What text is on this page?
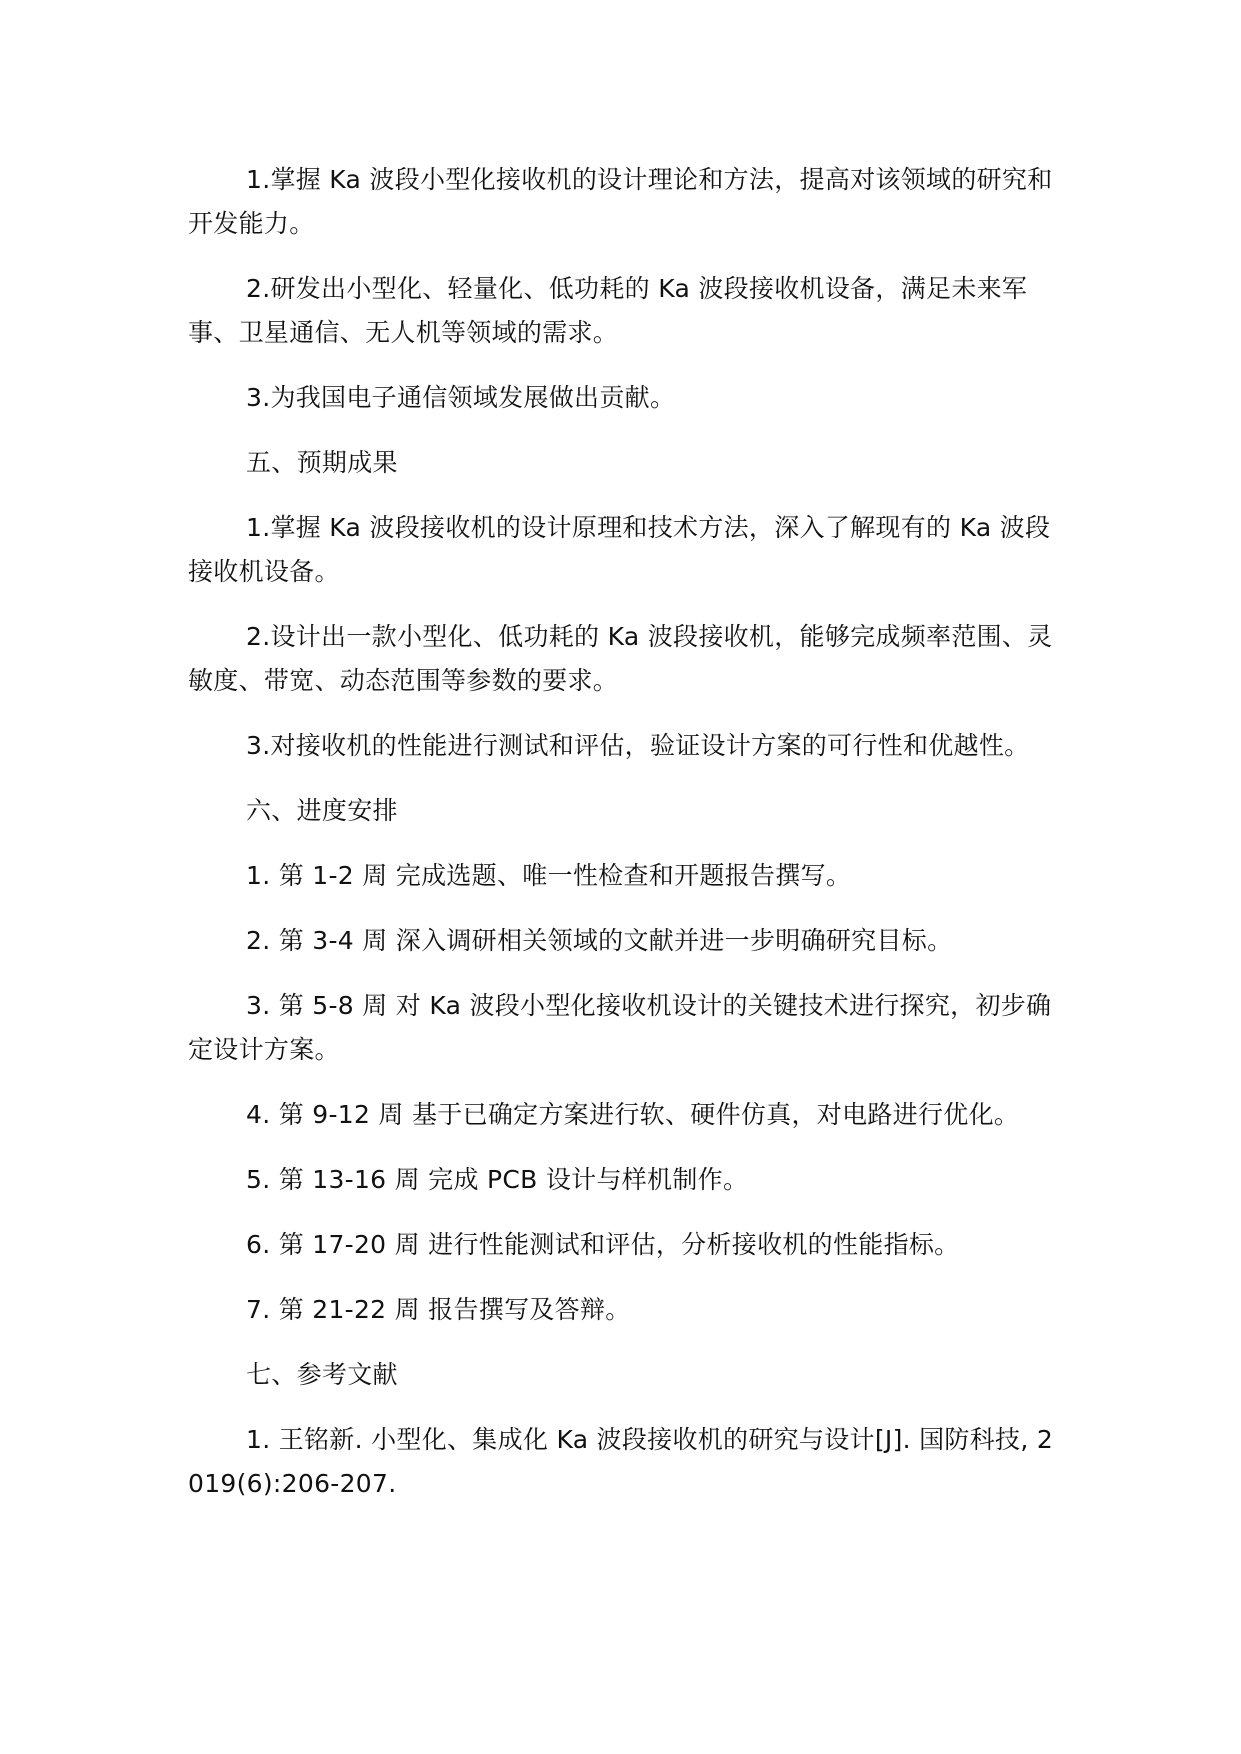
1.掌握 Ka 波段小型化接收机的设计理论和方法，提高对该领域的研究和开发能力。

2.研发出小型化、轻量化、低功耗的 Ka 波段接收机设备，满足未来军事、卫星通信、无人机等领域的需求。

3.为我国电子通信领域发展做出贡献。

五、预期成果

1.掌握 Ka 波段接收机的设计原理和技术方法，深入了解现有的 Ka 波段接收机设备。

2.设计出一款小型化、低功耗的 Ka 波段接收机，能够完成频率范围、灵敏度、带宽、动态范围等参数的要求。

3.对接收机的性能进行测试和评估，验证设计方案的可行性和优越性。

六、进度安排

1. 第 1-2 周 完成选题、唯一性检查和开题报告撰写。

2. 第 3-4 周 深入调研相关领域的文献并进一步明确研究目标。

3. 第 5-8 周 对 Ka 波段小型化接收机设计的关键技术进行探究，初步确定设计方案。

4. 第 9-12 周 基于已确定方案进行软、硬件仿真，对电路进行优化。

5. 第 13-16 周 完成 PCB 设计与样机制作。

6. 第 17-20 周 进行性能测试和评估，分析接收机的性能指标。

7. 第 21-22 周 报告撰写及答辩。

七、参考文献

1. 王铭新. 小型化、集成化 Ka 波段接收机的研究与设计[J]. 国防科技, 2019(6):206-207.
